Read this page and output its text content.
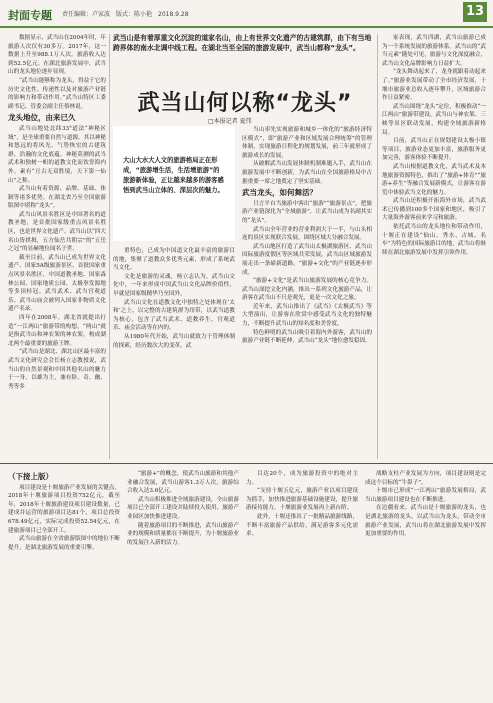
封面专题 责任编辑：卢家波　版式：陈小艳　2018.9.28	13

数据显示，武当山在2004年时，年旅游人次仅有30多万。2017年，这一数据上升至988.1万人次。旅游收入达到52.5亿元。在湖北旅游发展中，武当山的龙头地位逐步显现。

“武当山能够称为龙头，得益于它的历史文化性、传递性以及对旅游产业链 的影响力和带动作用。”武当山特区工委副书记、管委会副主任蔡林说。

龙头地位，由来已久

武当山地处北纬33°道法“神秘区域”，是全球重要自然与道源，其以神秘和悠远的将风光、气势恢宏的古建筑群、浩瀚的文化底蕴，神秘莫测的武当武术和独树一帜的道教文化而饮誉海内外，素有“亘古无双胜境，天下第一仙山”之称。

武当山有着资源、品牌、基础、体制等诸多优势。在湖北省乃至全国旅游版图中堪称“龙头”。

武当山风景名胜区是中国著名的道教圣地，是首批国家级重点风景名胜区，也是世界文化遗产。武当山以“四大名山皆拱揖，五方仙岳共朝宗”的“五岳之冠”的显赫地位闻名于世。

截至目前，武当山已成为世界文化遗产、国家5A级旅游景区、首批国家重点风景名胜区、中国道教圣地、国家森林公园、国家地质公园、太极拳发源地等多顶桂冠。武当武术、武当宫观道乐、武当山庙会被列入国家非物质文化遗产名录。

四年在2008年，湖北省就提出打造“一江两山”旅游带的构想，“两山”就是指武当山和神农架的神农架。构成湖北两个最重要的旅游王牌。

“武当山是湖北、湖北山区最丰富的武当文化研究会会长杨立志教授说，武当山的自然景观和中国其他名山的魅力于一身，以雄为主，兼有险、奇、幽、秀等多

武当山是有着厚重文化沉淀的道家名山，由上有世界文化遗产的古建筑群，由下有当地跨界体的南水北调中线工程。在湖北当至全国的旅游发展中，武当山都称“龙头”。
武当山何以称“龙头”
□本报记者 夏伟
大山大水大人文的旅游格局正在形成，“旅游增生活，生活增旅游”的旅游新体验，正让越来越多的游客感悟到武当山立体的、深层次的魅力。

重特色，已成为中国道文化最丰富的旅游目的地，集聚了道教众多优秀元素，形成了系统武当文化。

文化是旅游的灵魂，杨立志认为，武当山文化中，一年来形成中国武当山文化品牌价值性，早就是国家级精华乃至国外。

武当山文化在道教文化中独特之处体现在‘太和’之上，以完整的古建筑群为纽带，以武当道教为核心，包含了武当武术、道教养生、宫观道乐、庙会活动等在内的。

从1980年代开始，武当山就致力于管理体制的探索，经历数次大的变革。武

当山率先实现旅游和城乡一体化的“旅游经济特区模式”，即“旅游产业和区域发展合理统筹”的管理体制，实现旅游日程化的规划发展，前三年就形成了旅游成长的发展。

从破解武当山发展体制机制难题入手，武当山在旅游发展中不断创新，为武当山在全国旅游格局中占据重要一席之地奠定了坚实基础。

武当龙头，如何舞活？

只言平自当旅游中客出“旅游”“旅游景点”，把旅游产业链深化为“全域旅游”，让武当山成为名副其实的“龙头”。

武当山全年营业的营业利润大于一半，与山头相连的景区实现联合发展，围绕区域大分融合发展。

武当山地区打造了武当山太极湖旅游区、武当山国际旅游度假区等区域共荣发展，武当山区域旅游发展走出一条崭新道路。“旅游+文化”的产业链逐步形成。

“旅游+文化”是武当山旅游发展的核心竞争力。武当山深挖文化内涵，推出一系列文化旅游产品，让游客在武当山不只是观光，更是一次文化之旅。

近年来，武当山推出了《武当》《太极武当》等大型演出，让游客在欣赏中感受武当文化的独特魅力，不断提升武当山的知名度和美誉度。

特色鲜明的武当山吸引着海内外游客，武当山的旅游产业链不断延伸，武当山“龙头”地位愈发稳固。

家表现，武当四湖，武当山旅游已成为一个系统发展的旅游体系。武当山的“武当元素”随处可见，旅游与文化深度融合，武当山文化品牌影响力日益扩大。

“龙头舞动起来了，龙身就跟着动起来了。”旅游业发展带动了全市经济发展，十堰市旅游业总收入逐年攀升，区域旅游合作日益紧密。

武当山围绕“龙头”定位，积极推动“一江两山”旅游带建设，武当山与神农架、三峡等景区联动发展，构建全域旅游新格局。

目前，武当山正在规划建设太极小镇等项目，旅游业态更加丰富，旅游服务更加完善，游客体验不断提升。

武当山根据道教文化，武当武术及本地旅游资源特色，推出了“旅游+体育”“旅游+养生”等融合发展新模式，让游客在游览中体验武当文化的魅力。

武当山还积极开拓海外市场，武当武术已传播到100多个国家和地区，吸引了大量海外游客前来学习和旅游。

依托武当山的龙头地位和带动作用，十堰正在建设“仙山、秀水、古城、名车”为特色的国际旅游目的地，武当山将继续在湖北旅游发展中发挥引领作用。

（下接上版）

项目建设是十堰旅游产业发展的关键点，2018年十堰旅游项目投资752亿元，截至年，2018年十堰旅游建设项目建设数量，已建成并运营的旅游项目达81个，项目总投资678.49亿元，实际完成投资52.54亿元，在建旅游项目已全部开工。

武当山旅游在全省旅游版图中的地位不断提升，是湖北旅游发展的重要引擎。

“旅游+”的概念，使武当山旅游和其他产业融合发展，武当山游客1.3万人次，旅游综合收入达3.6亿元。

武当山积极推进全域旅游建设，全山旅游项目已全部开工建设并陆续投入使用，旅游产业园区加快推进建设。

随着旅游项目的不断推进，武当山旅游产业的规模和质量都在不断提升，为十堰旅游业的发展注入新的活力。

目达20个，成为旅游投资中的绝对主力。

“支持十堰五亿元，旅游产业以项目建设为抓手，加快推进旅游基础设施建设，提升旅游接待能力，十堰旅游业发展再上新台阶。

此外，十堰还推出了一批精品旅游线路，不断丰富旅游产品供给，满足游客多元化需求。

战略支柱产业发展为方向，项目建设则是完成这个目标的“牛鼻子”。

十堰市已形成“一江两山”旅游发展格局，武当山旅游项目建设也在不断推进。

在边疆看来，武当山是十堰旅游的龙头，也是湖北旅游的龙头。以武当山为龙头，带动全市旅游产业发展，武当山将在湖北旅游发展中发挥更加重要的作用。
